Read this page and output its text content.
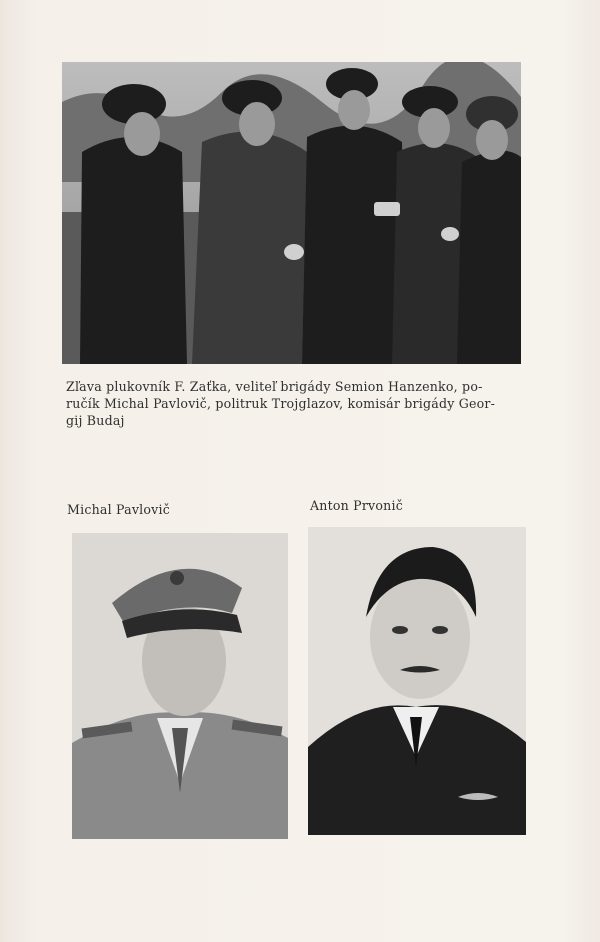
Zľava plukovník F. Zaťka, veliteľ brigády Semion Hanzenko, po-
ručík Michal Pavlovič, politruk Trojglazov, komisár brigády Geor-
gij Budaj
Michal Pavlovič	Anton Prvonič
